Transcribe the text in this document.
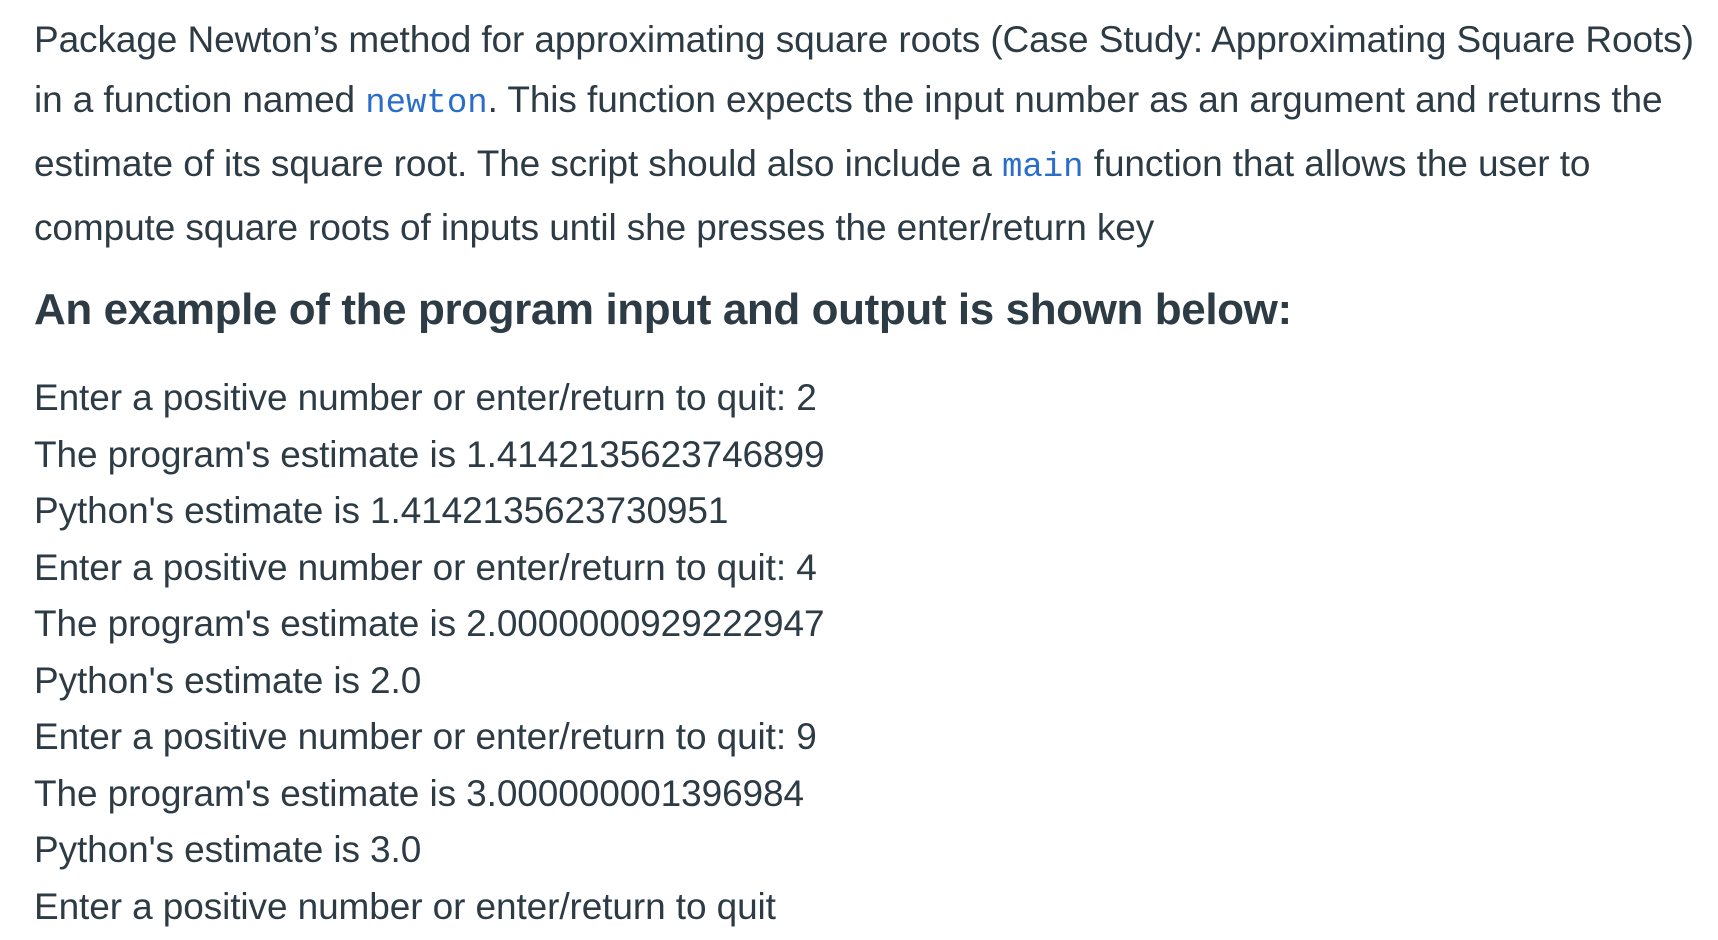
Package Newton’s method for approximating square roots (Case Study: Approximating Square Roots) in a function named newton. This function expects the input number as an argument and returns the estimate of its square root. The script should also include a main function that allows the user to compute square roots of inputs until she presses the enter/return key

An example of the program input and output is shown below:

Enter a positive number or enter/return to quit: 2

The program's estimate is 1.4142135623746899

Python's estimate is 1.4142135623730951

Enter a positive number or enter/return to quit: 4

The program's estimate is 2.0000000929222947

Python's estimate is 2.0

Enter a positive number or enter/return to quit: 9

The program's estimate is 3.000000001396984

Python's estimate is 3.0

Enter a positive number or enter/return to quit
